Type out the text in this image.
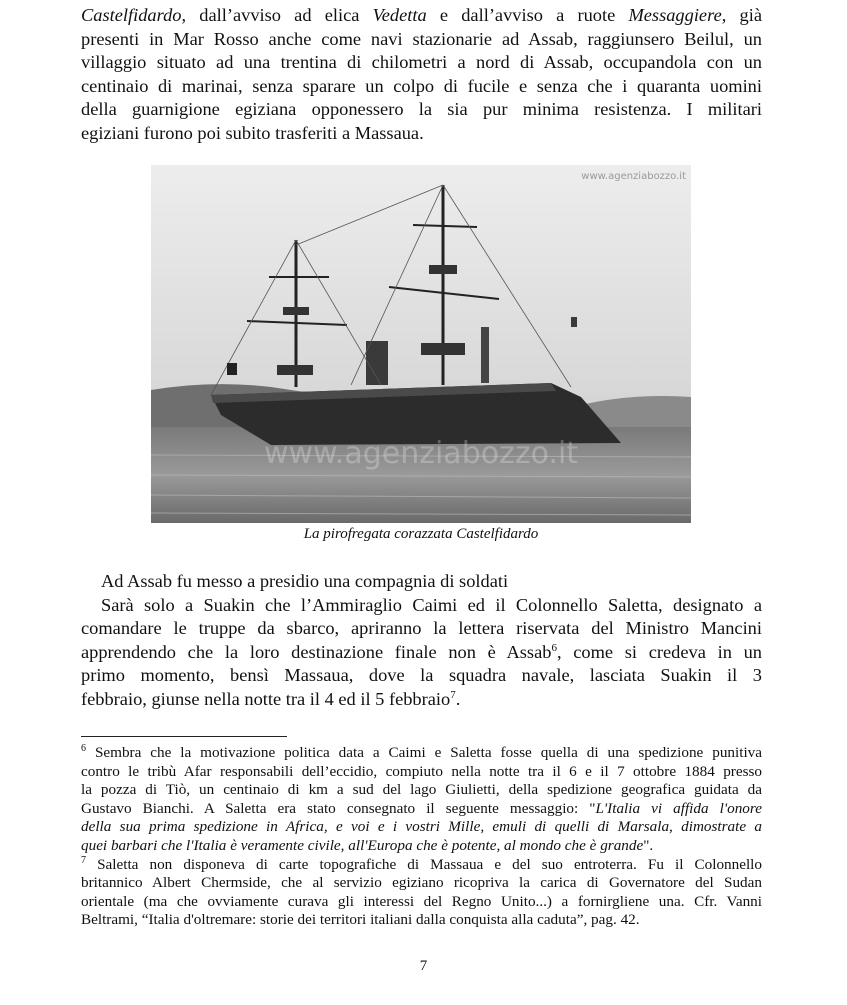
Castelfidardo, dall’avviso ad elica Vedetta e dall’avviso a ruote Messaggiere, già
presenti in Mar Rosso anche come navi stazionarie ad Assab, raggiunsero Beilul, un
villaggio situato ad una trentina di chilometri a nord di Assab, occupandola con un
centinaio di marinai, senza sparare un colpo di fucile e senza che i quaranta uomini
della guarnigione egiziana opponessero la sia pur minima resistenza. I militari
egiziani furono poi subito trasferiti a Massaua.
www.agenziabozzo.it
www.agenziabozzo.it
La pirofregata corazzata Castelfidardo
Ad Assab fu messo a presidio una compagnia di soldati
Sarà solo a Suakin che l’Ammiraglio Caimi ed il Colonnello Saletta, designato a
comandare le truppe da sbarco, apriranno la lettera riservata del Ministro Mancini
apprendendo che la loro destinazione finale non è Assab$^6$, come si credeva in un
primo momento, bensì Massaua, dove la squadra navale, lasciata Suakin il 3
febbraio, giunse nella notte tra il 4 ed il 5 febbraio$^7$.
$^6$ Sembra che la motivazione politica data a Caimi e Saletta fosse quella di una spedizione punitiva
contro le tribù Afar responsabili dell’eccidio, compiuto nella notte tra il 6 e il 7 ottobre 1884 presso
la pozza di Tiò, un centinaio di km a sud del lago Giulietti, della spedizione geografica guidata da
Gustavo Bianchi. A Saletta era stato consegnato il seguente messaggio: "L'Italia vi affida l'onore
della sua prima spedizione in Africa, e voi e i vostri Mille, emuli di quelli di Marsala, dimostrate a
quei barbari che l'Italia è veramente civile, all'Europa che è potente, al mondo che è grande".
$^7$ Saletta non disponeva di carte topografiche di Massaua e del suo entroterra. Fu il Colonnello
britannico Albert Chermside, che al servizio egiziano ricopriva la carica di Governatore del Sudan
orientale (ma che ovviamente curava gli interessi del Regno Unito...) a fornirgliene una. Cfr. Vanni
Beltrami, “Italia d'oltremare: storie dei territori italiani dalla conquista alla caduta”, pag. 42.
7
